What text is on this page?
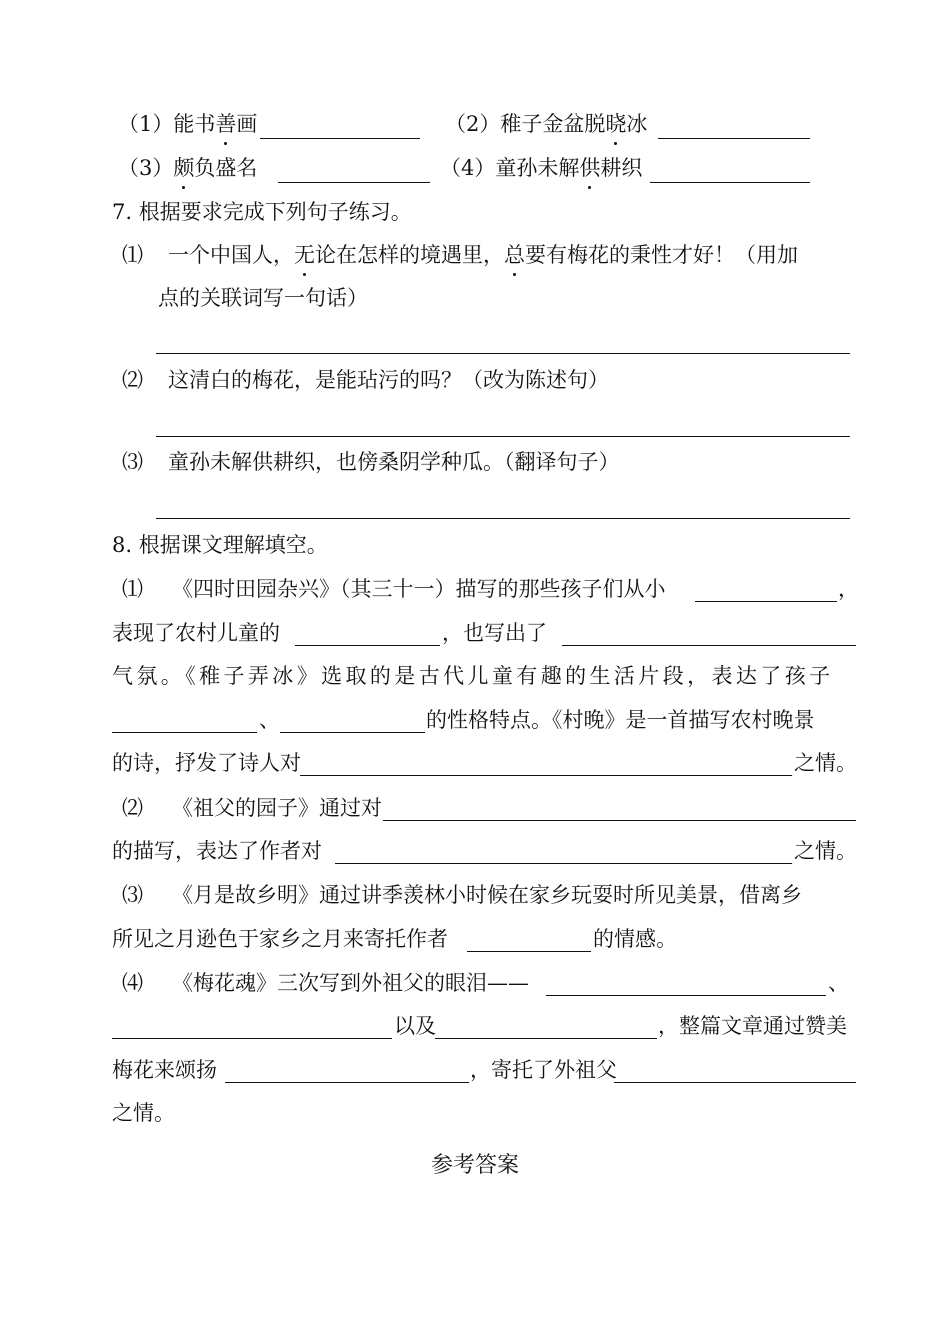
（1）能书善画	（2）稚子金盆脱晓冰
（3）颇负盛名	（4）童孙未解供耕织
7. 根据要求完成下列句子练习。
⑴ 一个中国人，无论在怎样的境遇里，总要有梅花的秉性才好！（用加
点的关联词写一句话）
⑵ 这清白的梅花，是能玷污的吗？（改为陈述句）
⑶ 童孙未解供耕织，也傍桑阴学种瓜。（翻译句子）
8. 根据课文理解填空。
⑴ 《四时田园杂兴》（其三十一）描写的那些孩子们从小	，
表现了农村儿童的	，也写出了
气氛。《稚子弄冰》选取的是古代儿童有趣的生活片段，表达了孩子
、	的性格特点。《村晚》是一首描写农村晚景
的诗，抒发了诗人对	之情。
⑵ 《祖父的园子》通过对
的描写，表达了作者对	之情。
⑶ 《月是故乡明》通过讲季羡林小时候在家乡玩耍时所见美景，借离乡
所见之月逊色于家乡之月来寄托作者	的情感。
⑷ 《梅花魂》三次写到外祖父的眼泪——	、
以及	，整篇文章通过赞美
梅花来颂扬	，寄托了外祖父
之情。
参考答案
